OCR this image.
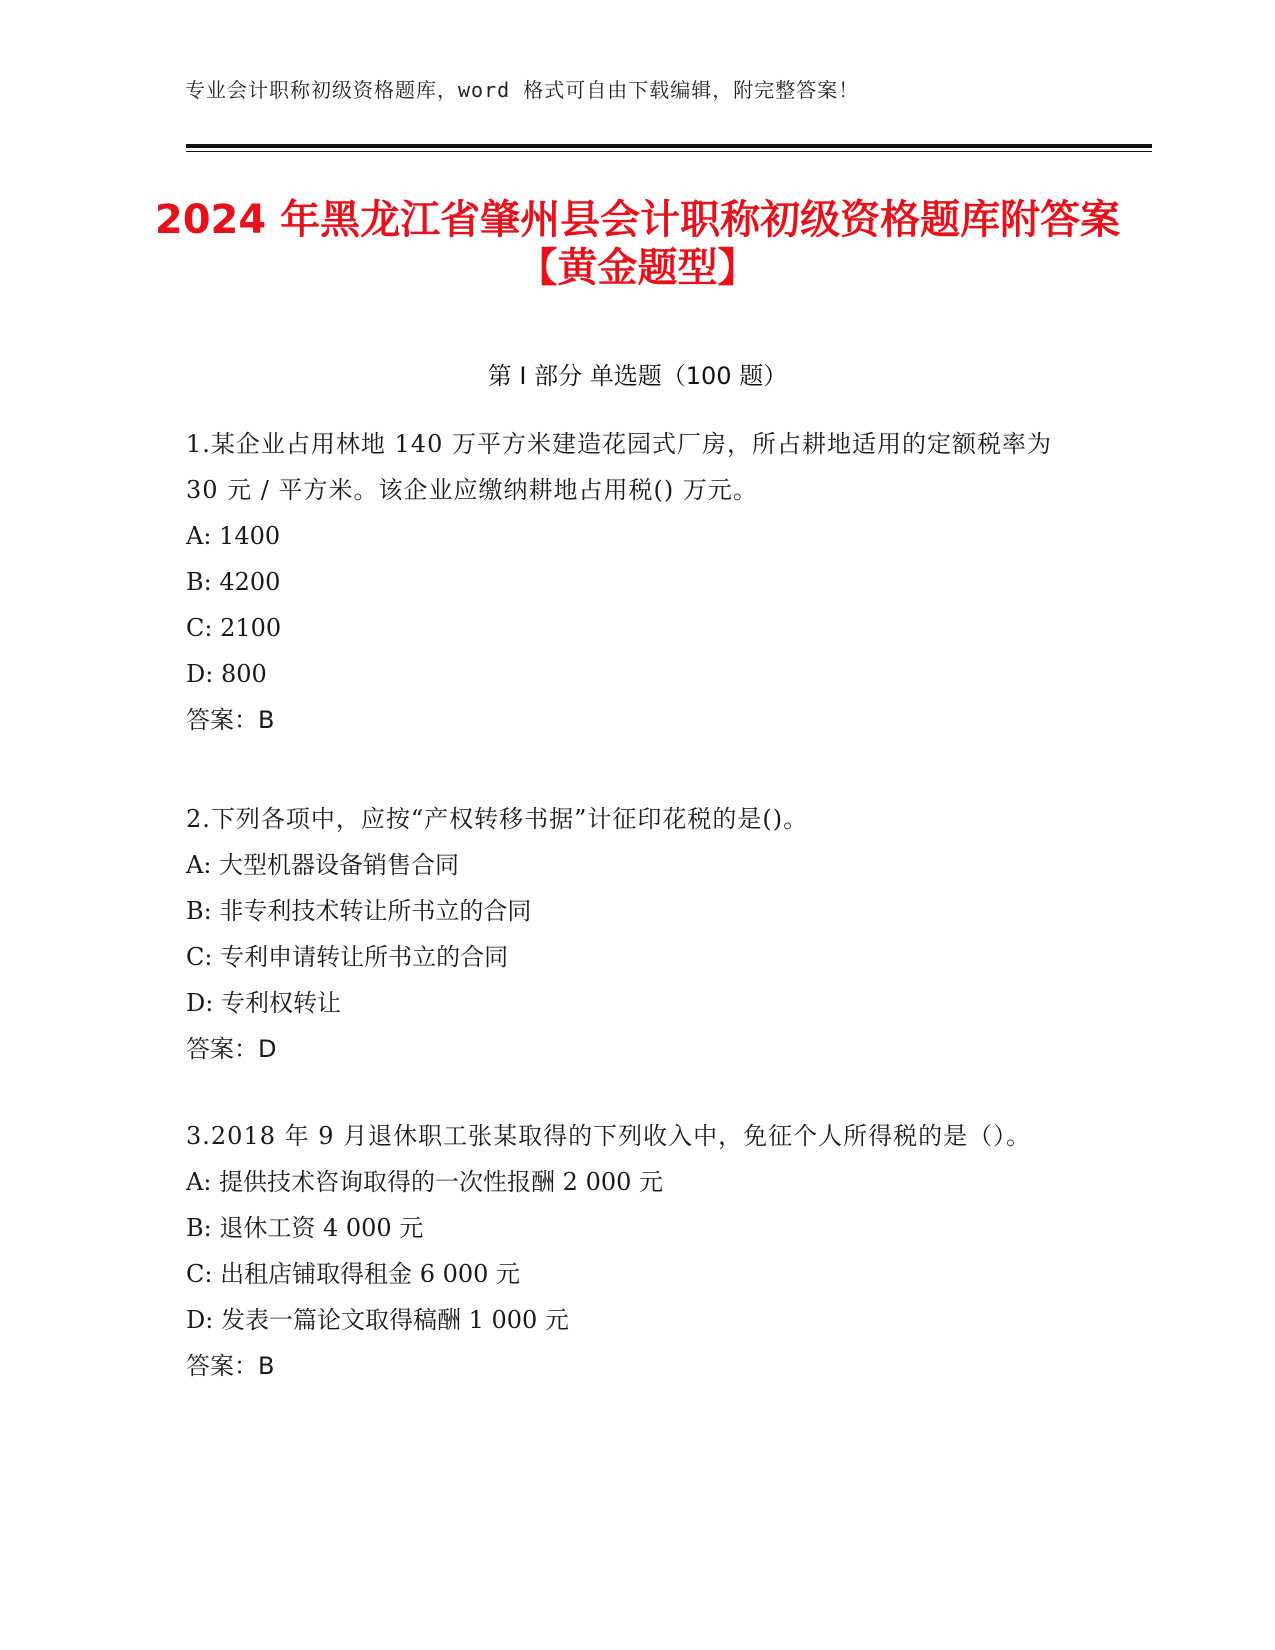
专业会计职称初级资格题库，word 格式可自由下载编辑，附完整答案！
2024 年黑龙江省肇州县会计职称初级资格题库附答案【黄金题型】
第 I 部分 单选题（100 题）
1.某企业占用林地 140 万平方米建造花园式厂房，所占耕地适用的定额税率为 30 元 / 平方米。该企业应缴纳耕地占用税() 万元。
A: 1400
B: 4200
C: 2100
D: 800
答案：B
2.下列各项中，应按“产权转移书据”计征印花税的是()。
A: 大型机器设备销售合同
B: 非专利技术转让所书立的合同
C: 专利申请转让所书立的合同
D: 专利权转让
答案：D
3.2018 年 9 月退休职工张某取得的下列收入中，免征个人所得税的是（）。
A: 提供技术咨询取得的一次性报酬 2 000 元
B: 退休工资 4 000 元
C: 出租店铺取得租金 6 000 元
D: 发表一篇论文取得稿酬 1 000 元
答案：B
